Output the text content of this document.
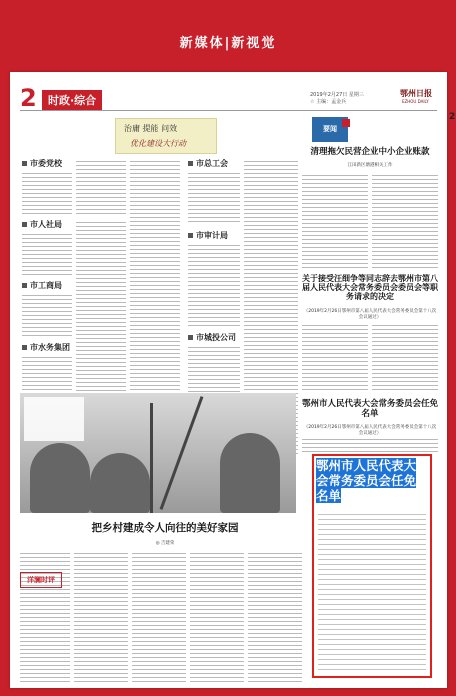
新媒体|新视觉
2
2	时政·综合	2019年2月27日 星期三
☆ 主编：孟金兵
鄂州日报
EZHOU DAILY
治庸 提能 问效
优化建设大行动
要闻
市委党校
市人社局
市工商局
市水务集团
市总工会
市审计局
市城投公司
清理拖欠民营企业中小企业账款
江田新区塘港相关工作
关于接受汪细争等同志辞去鄂州市第八届人民代表大会常务委员会委员会等职务请求的决定
（2019年2月26日鄂州市第八届人民代表大会常务委员会第十八次会议通过）
鄂州市人民代表大会常务委员会任免名单
（2019年2月26日鄂州市第八届人民代表大会常务委员会第十八次会议通过）
把乡村建成令人向往的美好家园
◎ 吉建荣
洋澜时评
鄂州市人民代表大会常务委员会任免名单
